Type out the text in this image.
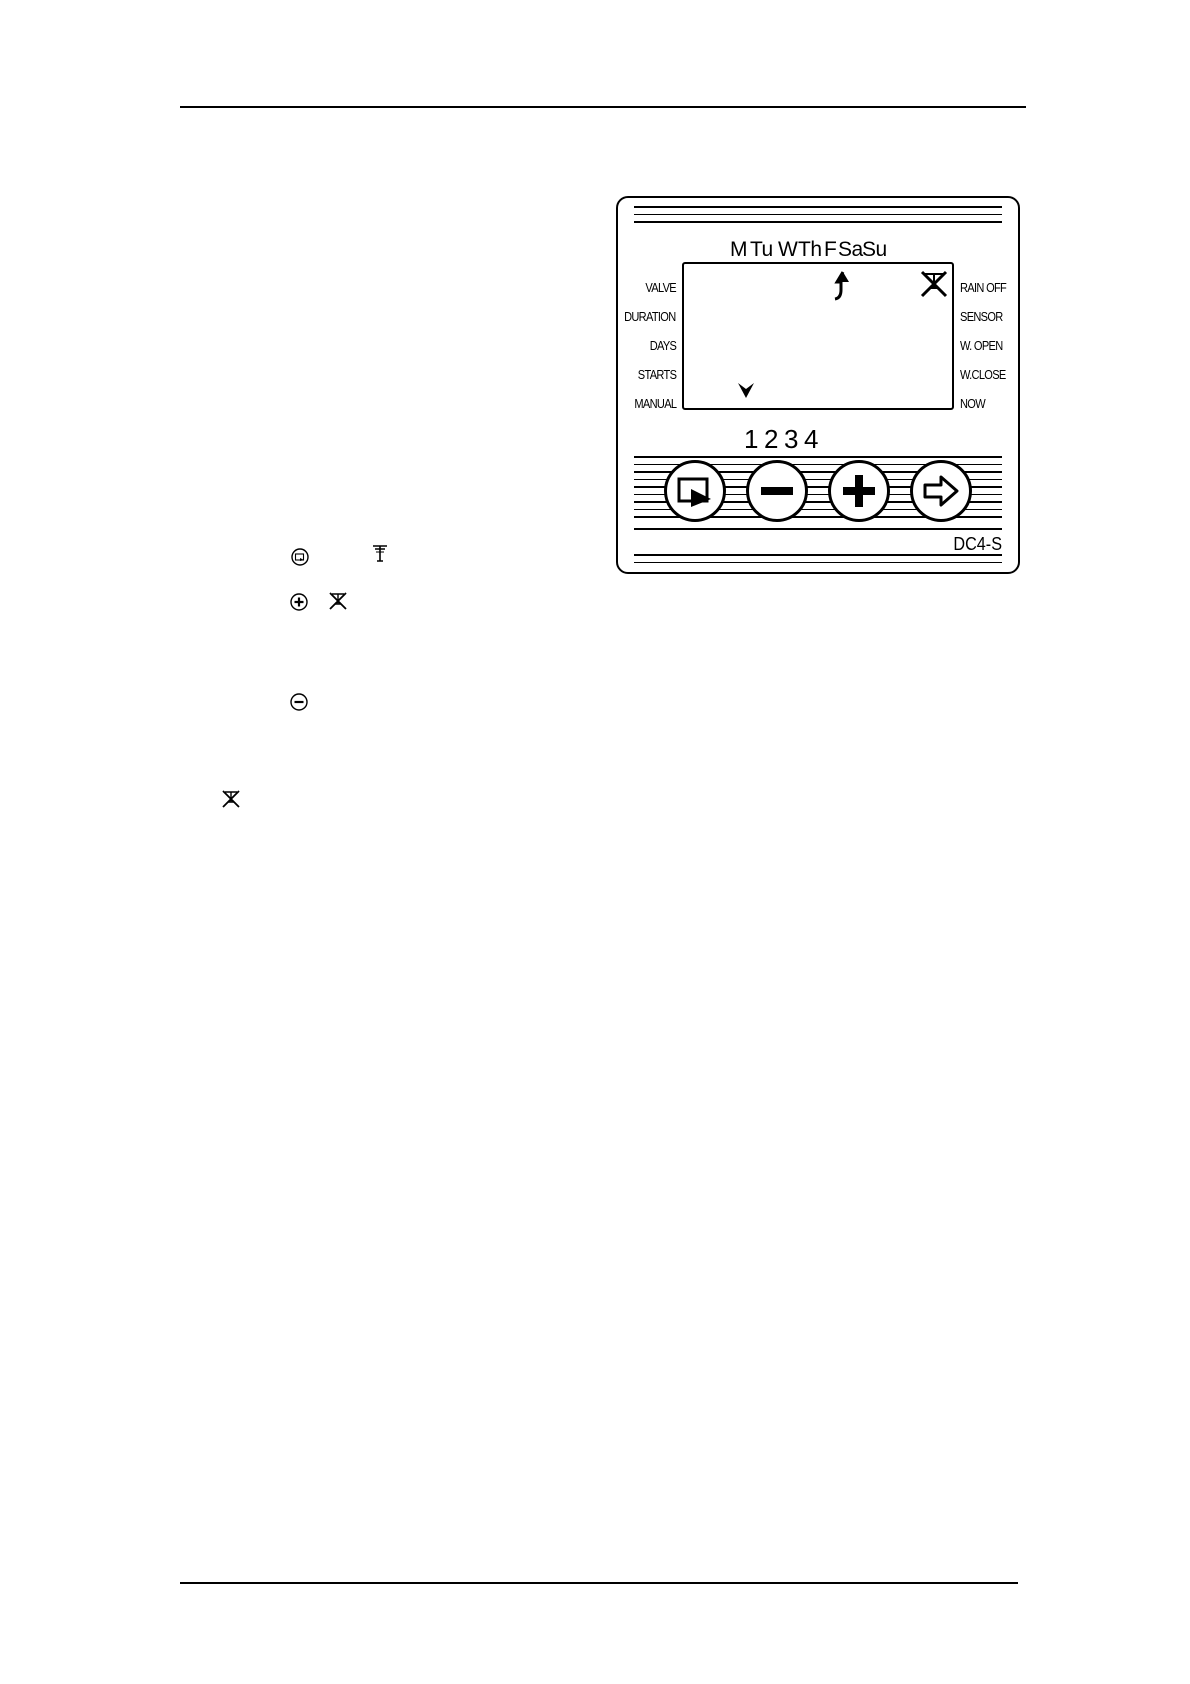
M Tu W Th F Sa Su
VALVE
DURATION
DAYS
STARTS
MANUAL
RAIN OFF
SENSOR
W. OPEN
W.CLOSE
NOW
1 2 3 4
DC4-S
